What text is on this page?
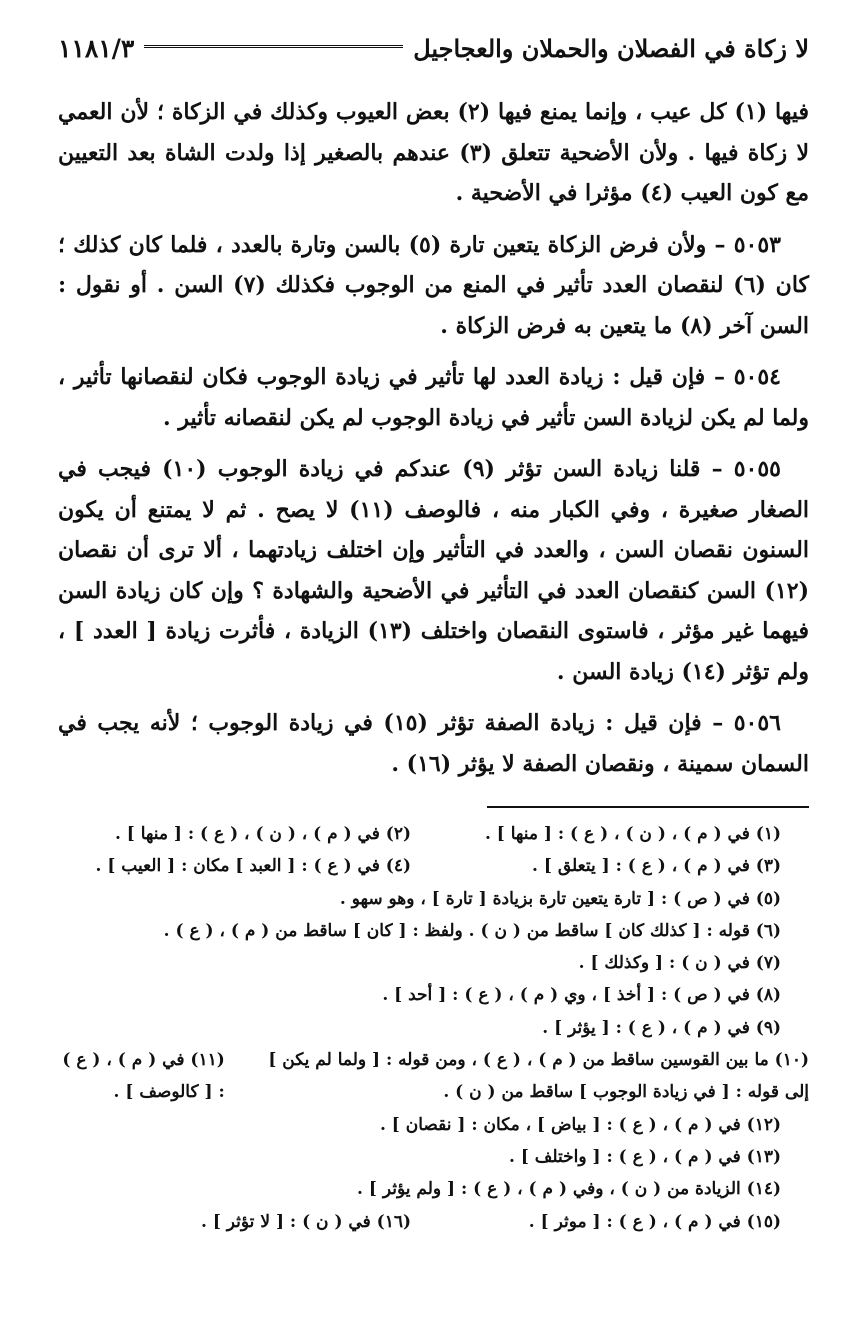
لا زكاة في الفصلان والحملان والعجاجيل
١١٨١/٣

فيها (١) كل عيب ، وإنما يمنع فيها (٢) بعض العيوب وكذلك في الزكاة ؛ لأن العمي لا زكاة فيها . ولأن الأضحية تتعلق (٣) عندهم بالصغير إذا ولدت الشاة بعد التعيين مع كون العيب (٤) مؤثرا في الأضحية .

٥٠٥٣ – ولأن فرض الزكاة يتعين تارة (٥) بالسن وتارة بالعدد ، فلما كان كذلك ؛ كان (٦) لنقصان العدد تأثير في المنع من الوجوب فكذلك (٧) السن . أو نقول : السن آخر (٨) ما يتعين به فرض الزكاة .

٥٠٥٤ – فإن قيل : زيادة العدد لها تأثير في زيادة الوجوب فكان لنقصانها تأثير ، ولما لم يكن لزيادة السن تأثير في زيادة الوجوب لم يكن لنقصانه تأثير .

٥٠٥٥ – قلنا زيادة السن تؤثر (٩) عندكم في زيادة الوجوب (١٠) فيجب في الصغار صغيرة ، وفي الكبار منه ، فالوصف (١١) لا يصح . ثم لا يمتنع أن يكون السنون نقصان السن ، والعدد في التأثير وإن اختلف زيادتهما ، ألا ترى أن نقصان (١٢) السن كنقصان العدد في التأثير في الأضحية والشهادة ؟ وإن كان زيادة السن فيهما غير مؤثر ، فاستوى النقصان واختلف (١٣) الزيادة ، فأثرت زيادة [ العدد ] ، ولم تؤثر (١٤) زيادة السن .

٥٠٥٦ – فإن قيل : زيادة الصفة تؤثر (١٥) في زيادة الوجوب ؛ لأنه يجب في السمان سمينة ، ونقصان الصفة لا يؤثر (١٦) .

(١) في ( م ) ، ( ن ) ، ( ع ) : [ منها ] .
(٢) في ( م ) ، ( ن ) ، ( ع ) : [ منها ] .
(٣) في ( م ) ، ( ع ) : [ يتعلق ] .
(٤) في ( ع ) : [ العبد ] مكان : [ العيب ] .
(٥) في ( ص ) : [ تارة يتعين تارة بزيادة [ تارة ] ، وهو سهو .
(٦) قوله : [ كذلك كان ] ساقط من ( ن ) . ولفظ : [ كان ] ساقط من ( م ) ، ( ع ) .
(٧) في ( ن ) : [ وكذلك ] .
(٨) في ( ص ) : [ أخذ ] ، وي ( م ) ، ( ع ) : [ أحد ] .
(٩) في ( م ) ، ( ع ) : [ يؤثر ] .
(١٠) ما بين القوسين ساقط من ( م ) ، ( ع ) ، ومن قوله : [ ولما لم يكن ] إلى قوله : [ في زيادة الوجوب ] ساقط من ( ن ) .
(١١) في ( م ) ، ( ع ) : [ كالوصف ] .
(١٢) في ( م ) ، ( ع ) : [ بياض ] ، مكان : [ نقصان ] .
(١٣) في ( م ) ، ( ع ) : [ واختلف ] .
(١٤) الزيادة من ( ن ) ، وفي ( م ) ، ( ع ) : [ ولم يؤثر ] .
(١٥) في ( م ) ، ( ع ) : [ موثر ] .
(١٦) في ( ن ) : [ لا تؤثر ] .
